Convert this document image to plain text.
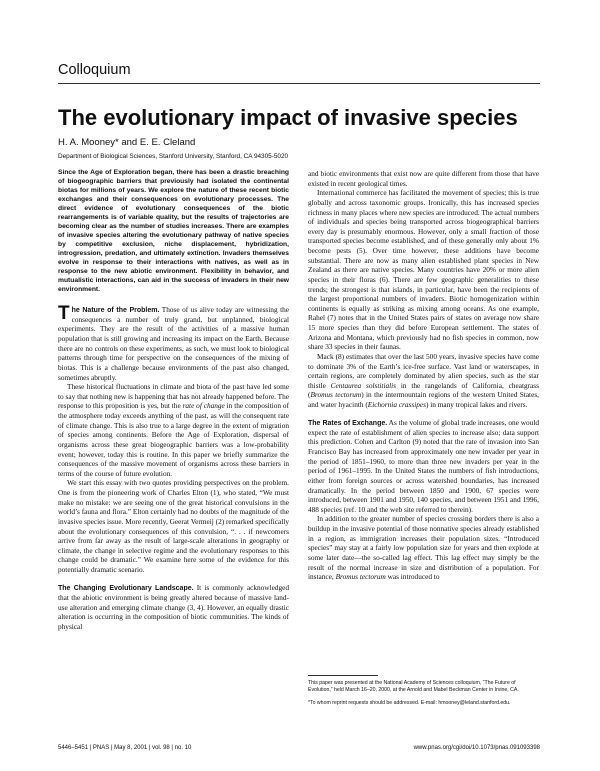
Colloquium
The evolutionary impact of invasive species
H. A. Mooney* and E. E. Cleland
Department of Biological Sciences, Stanford University, Stanford, CA 94305-5020

Since the Age of Exploration began, there has been a drastic breaching of biogeographic barriers that previously had isolated the continental biotas for millions of years. We explore the nature of these recent biotic exchanges and their consequences on evolutionary processes. The direct evidence of evolutionary consequences of the biotic rearrangements is of variable quality, but the results of trajectories are becoming clear as the number of studies increases. There are examples of invasive species altering the evolutionary pathway of native species by competitive exclusion, niche displacement, hybridization, introgression, predation, and ultimately extinction. Invaders themselves evolve in response to their interactions with natives, as well as in response to the new abiotic environment. Flexibility in behavior, and mutualistic interactions, can aid in the success of invaders in their new environment.

The Nature of the Problem. Those of us alive today are witnessing the consequences a number of truly grand, but unplanned, biological experiments. They are the result of the activities of a massive human population that is still growing and increasing its impact on the Earth. Because there are no controls on these experiments, as such, we must look to biological patterns through time for perspective on the consequences of the mixing of biotas. This is a challenge because environments of the past also changed, sometimes abruptly.

These historical fluctuations in climate and biota of the past have led some to say that nothing new is happening that has not already happened before. The response to this proposition is yes, but the rate of change in the composition of the atmosphere today exceeds anything of the past, as will the consequent rate of climate change. This is also true to a large degree in the extent of migration of species among continents. Before the Age of Exploration, dispersal of organisms across these great biogeographic barriers was a low-probability event; however, today this is routine. In this paper we briefly summarize the consequences of the massive movement of organisms across these barriers in terms of the course of future evolution.

We start this essay with two quotes providing perspectives on the problem. One is from the pioneering work of Charles Elton (1), who stated, “We must make no mistake: we are seeing one of the great historical convulsions in the world’s fauna and flora.” Elton certainly had no doubts of the magnitude of the invasive species issue. More recently, Geerat Vermeij (2) remarked specifically about the evolutionary consequences of this convulsion, “. . . if newcomers arrive from far away as the result of large-scale alterations in geography or climate, the change in selective regime and the evolutionary responses to this change could be dramatic.” We examine here some of the evidence for this potentially dramatic scenario.

The Changing Evolutionary Landscape. It is commonly acknowledged that the abiotic environment is being greatly altered because of massive land-use alteration and emerging climate change (3, 4). However, an equally drastic alteration is occurring in the composition of biotic communities. The kinds of physical

and biotic environments that exist now are quite different from those that have existed in recent geological times.

International commerce has facilitated the movement of species; this is true globally and across taxonomic groups. Ironically, this has increased species richness in many places where new species are introduced. The actual numbers of individuals and species being transported across biogeographical barriers every day is presumably enormous. However, only a small fraction of those transported species become established, and of these generally only about 1% become pests (5). Over time however, these additions have become substantial. There are now as many alien established plant species in New Zealand as there are native species. Many countries have 20% or more alien species in their floras (6). There are few geographic generalities to these trends; the strongest is that islands, in particular, have been the recipients of the largest proportional numbers of invaders. Biotic homogenization within continents is equally as striking as mixing among oceans. As one example, Rahel (7) notes that in the United States pairs of states on average now share 15 more species than they did before European settlement. The states of Arizona and Montana, which previously had no fish species in common, now share 33 species in their faunas.

Mack (8) estimates that over the last 500 years, invasive species have come to dominate 3% of the Earth’s ice-free surface. Vast land or waterscapes, in certain regions, are completely dominated by alien species, such as the star thistle Centaurea solstitialis in the rangelands of California, cheatgrass (Bromus tectorum) in the intermountain regions of the western United States, and water hyacinth (Eichornia crassipes) in many tropical lakes and rivers.

The Rates of Exchange. As the volume of global trade increases, one would expect the rate of establishment of alien species to increase also; data support this prediction. Cohen and Carlton (9) noted that the rate of invasion into San Francisco Bay has increased from approximately one new invader per year in the period of 1851–1960, to more than three new invaders per year in the period of 1961–1995. In the United States the numbers of fish introductions, either from foreign sources or across watershed boundaries, has increased dramatically. In the period between 1850 and 1900, 67 species were introduced, between 1901 and 1950, 140 species, and between 1951 and 1996, 488 species (ref. 10 and the web site referred to therein).

In addition to the greater number of species crossing borders there is also a buildup in the invasive potential of those nonnative species already established in a region, as immigration increases their population sizes. “Introduced species” may stay at a fairly low population size for years and then explode at some later date—the so-called lag effect. This lag effect may simply be the result of the normal increase in size and distribution of a population. For instance, Bromus tectorum was introduced to

This paper was presented at the National Academy of Sciences colloquium, “The Future of Evolution,” held March 16–20, 2000, at the Arnold and Mabel Beckman Center in Irvine, CA.
*To whom reprint requests should be addressed. E-mail: hmooney@leland.stanford.edu.
5446–5451 | PNAS | May 8, 2001 | vol. 98 | no. 10	www.pnas.org/cgi/doi/10.1073/pnas.091093398
